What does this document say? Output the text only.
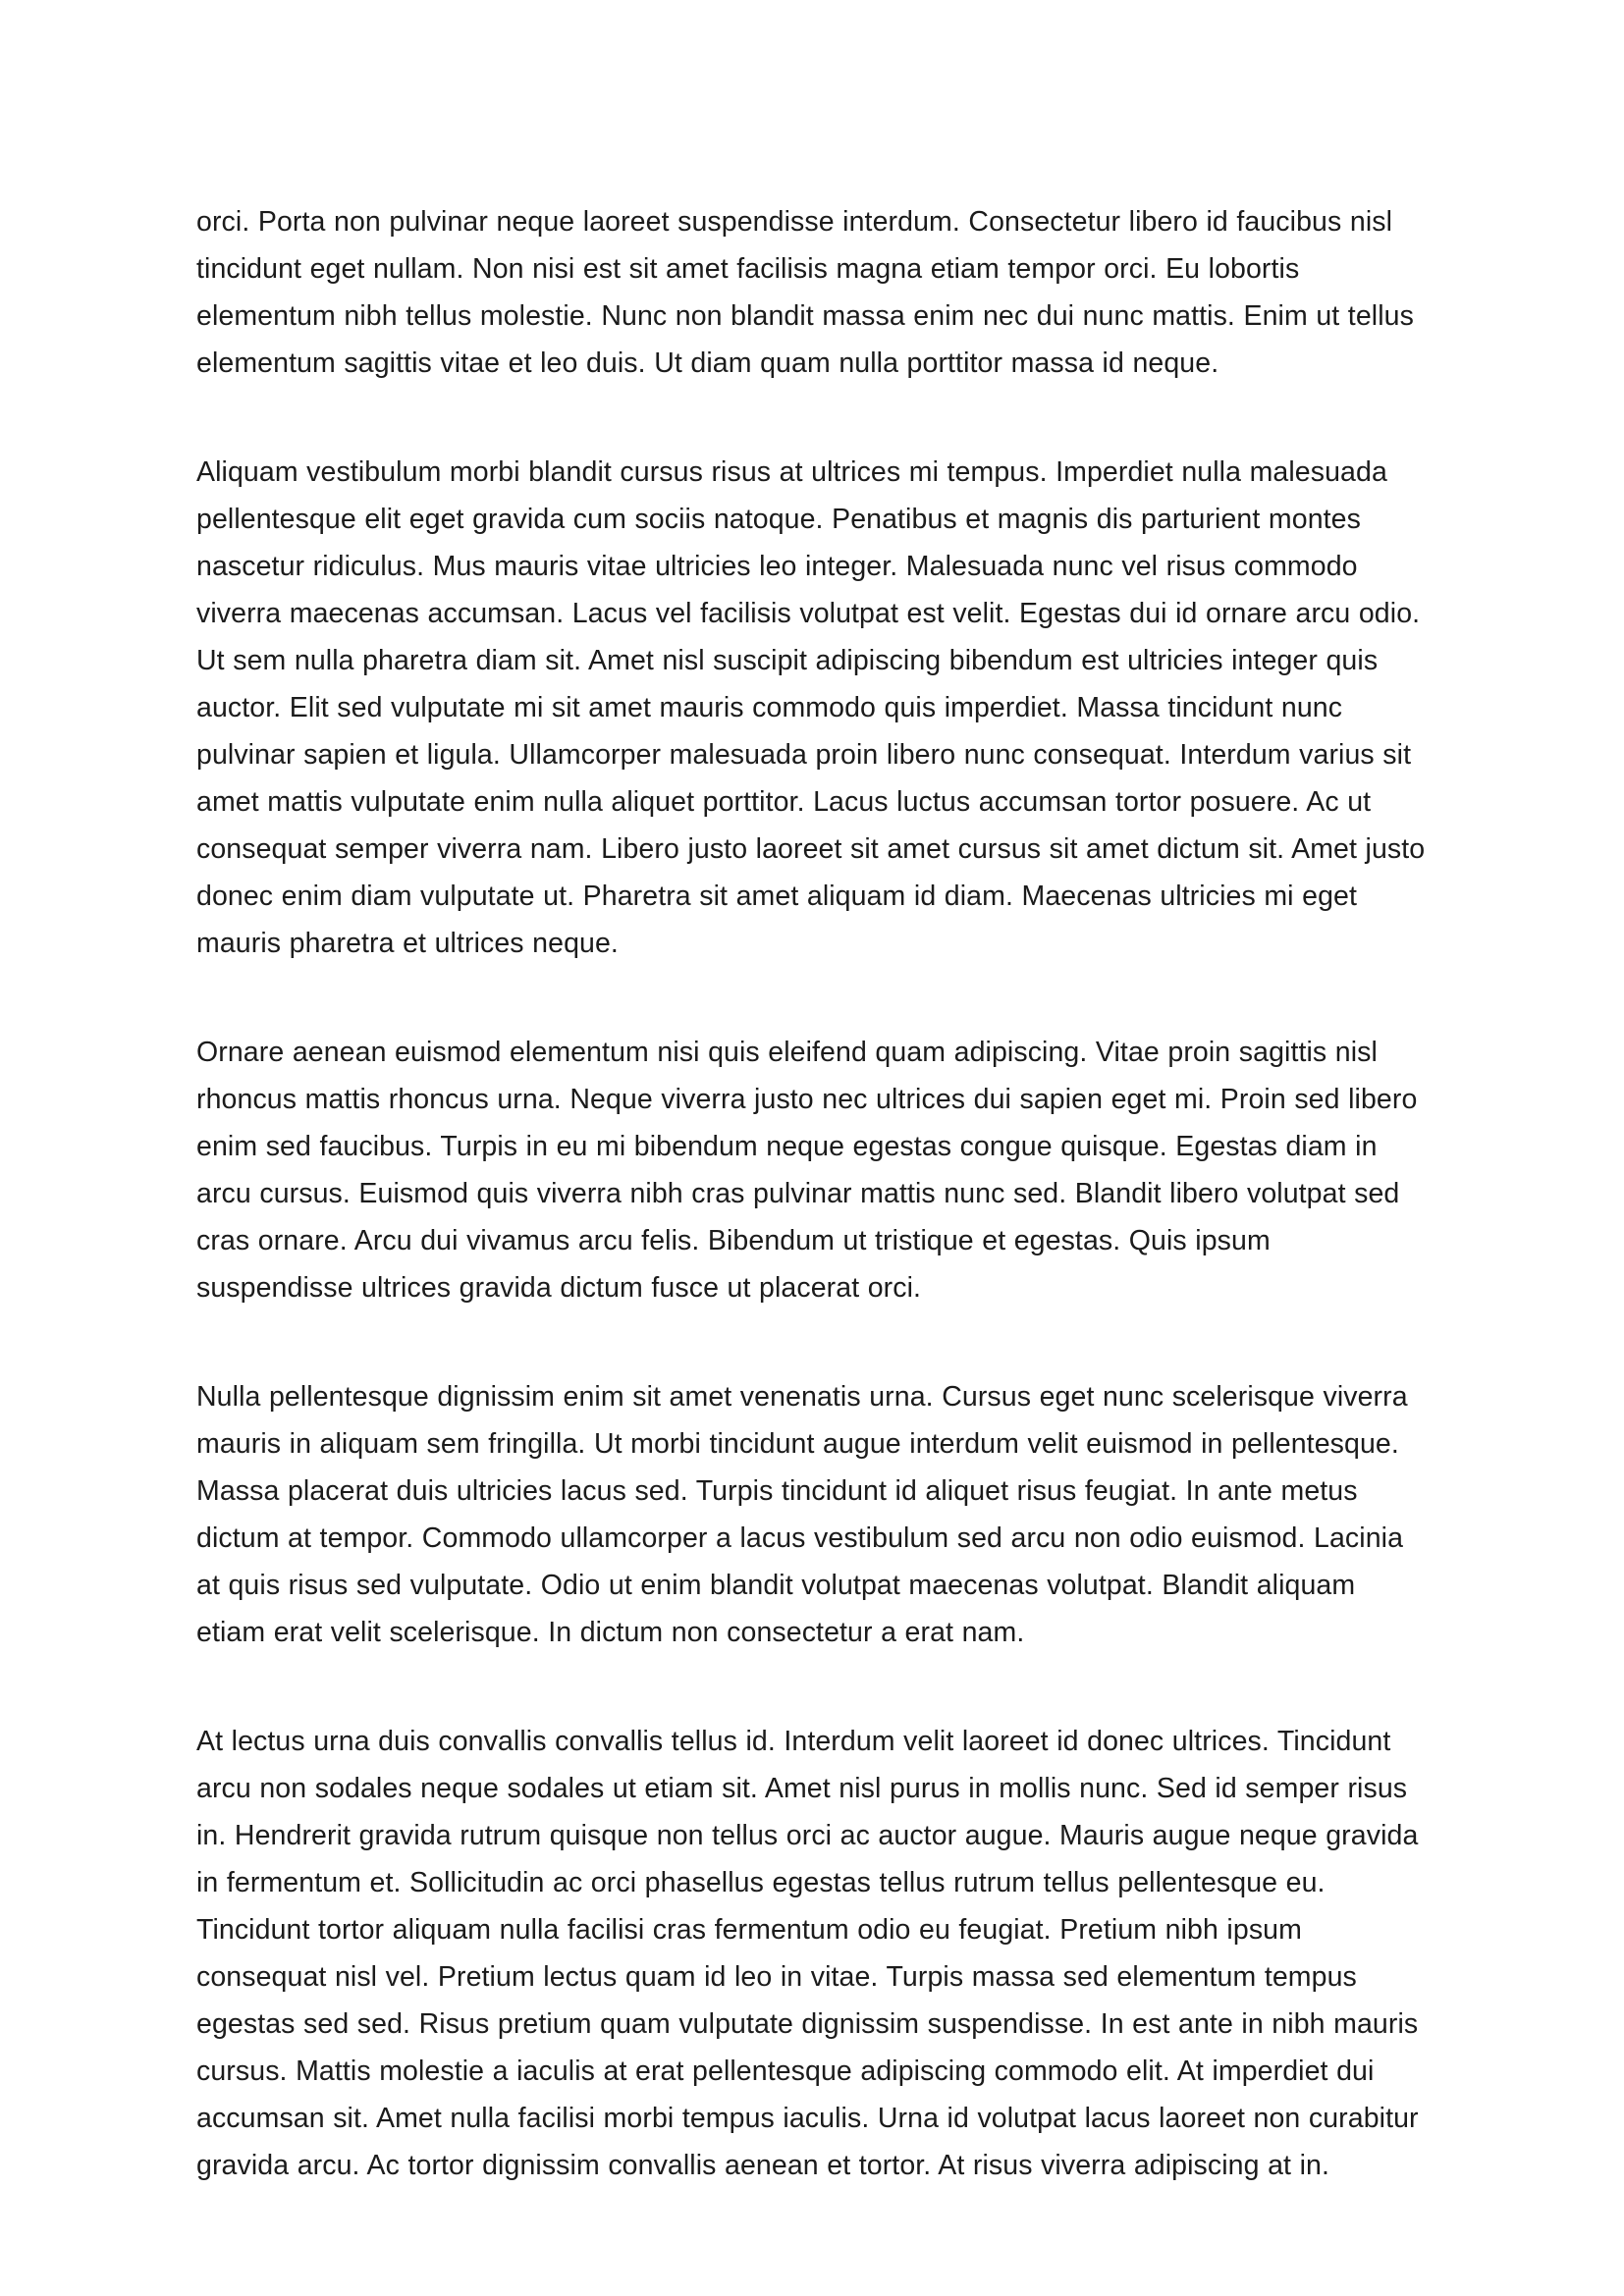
orci. Porta non pulvinar neque laoreet suspendisse interdum. Consectetur libero id faucibus nisl tincidunt eget nullam. Non nisi est sit amet facilisis magna etiam tempor orci. Eu lobortis elementum nibh tellus molestie. Nunc non blandit massa enim nec dui nunc mattis. Enim ut tellus elementum sagittis vitae et leo duis. Ut diam quam nulla porttitor massa id neque.

Aliquam vestibulum morbi blandit cursus risus at ultrices mi tempus. Imperdiet nulla malesuada pellentesque elit eget gravida cum sociis natoque. Penatibus et magnis dis parturient montes nascetur ridiculus. Mus mauris vitae ultricies leo integer. Malesuada nunc vel risus commodo viverra maecenas accumsan. Lacus vel facilisis volutpat est velit. Egestas dui id ornare arcu odio. Ut sem nulla pharetra diam sit. Amet nisl suscipit adipiscing bibendum est ultricies integer quis auctor. Elit sed vulputate mi sit amet mauris commodo quis imperdiet. Massa tincidunt nunc pulvinar sapien et ligula. Ullamcorper malesuada proin libero nunc consequat. Interdum varius sit amet mattis vulputate enim nulla aliquet porttitor. Lacus luctus accumsan tortor posuere. Ac ut consequat semper viverra nam. Libero justo laoreet sit amet cursus sit amet dictum sit. Amet justo donec enim diam vulputate ut. Pharetra sit amet aliquam id diam. Maecenas ultricies mi eget mauris pharetra et ultrices neque.

Ornare aenean euismod elementum nisi quis eleifend quam adipiscing. Vitae proin sagittis nisl rhoncus mattis rhoncus urna. Neque viverra justo nec ultrices dui sapien eget mi. Proin sed libero enim sed faucibus. Turpis in eu mi bibendum neque egestas congue quisque. Egestas diam in arcu cursus. Euismod quis viverra nibh cras pulvinar mattis nunc sed. Blandit libero volutpat sed cras ornare. Arcu dui vivamus arcu felis. Bibendum ut tristique et egestas. Quis ipsum suspendisse ultrices gravida dictum fusce ut placerat orci.

Nulla pellentesque dignissim enim sit amet venenatis urna. Cursus eget nunc scelerisque viverra mauris in aliquam sem fringilla. Ut morbi tincidunt augue interdum velit euismod in pellentesque. Massa placerat duis ultricies lacus sed. Turpis tincidunt id aliquet risus feugiat. In ante metus dictum at tempor. Commodo ullamcorper a lacus vestibulum sed arcu non odio euismod. Lacinia at quis risus sed vulputate. Odio ut enim blandit volutpat maecenas volutpat. Blandit aliquam etiam erat velit scelerisque. In dictum non consectetur a erat nam.

At lectus urna duis convallis convallis tellus id. Interdum velit laoreet id donec ultrices. Tincidunt arcu non sodales neque sodales ut etiam sit. Amet nisl purus in mollis nunc. Sed id semper risus in. Hendrerit gravida rutrum quisque non tellus orci ac auctor augue. Mauris augue neque gravida in fermentum et. Sollicitudin ac orci phasellus egestas tellus rutrum tellus pellentesque eu. Tincidunt tortor aliquam nulla facilisi cras fermentum odio eu feugiat. Pretium nibh ipsum consequat nisl vel. Pretium lectus quam id leo in vitae. Turpis massa sed elementum tempus egestas sed sed. Risus pretium quam vulputate dignissim suspendisse. In est ante in nibh mauris cursus. Mattis molestie a iaculis at erat pellentesque adipiscing commodo elit. At imperdiet dui accumsan sit. Amet nulla facilisi morbi tempus iaculis. Urna id volutpat lacus laoreet non curabitur gravida arcu. Ac tortor dignissim convallis aenean et tortor. At risus viverra adipiscing at in.
